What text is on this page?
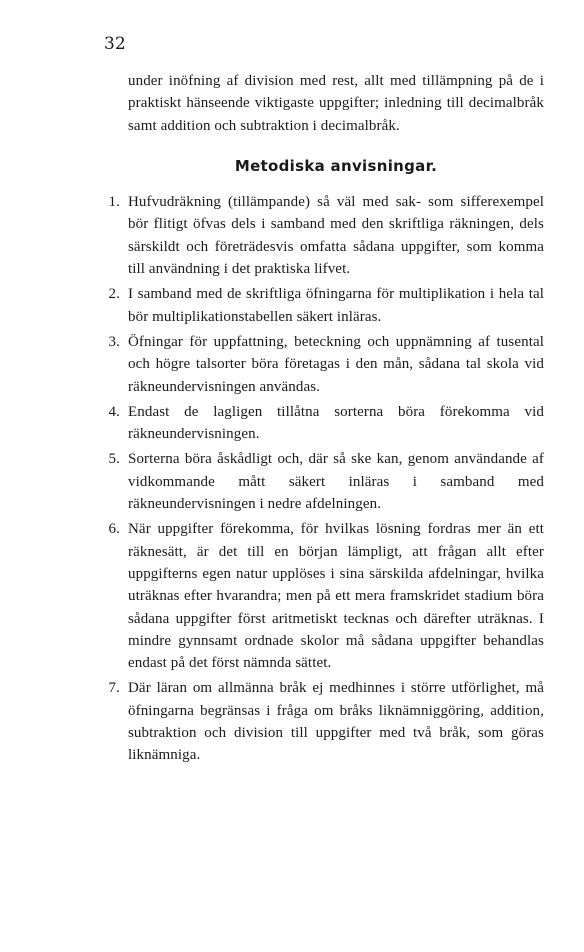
32

under inöfning af division med rest, allt med tillämpning på de i praktiskt hänseende viktigaste uppgifter; inledning till decimalbråk samt addition och subtraktion i decimalbråk.

Metodiska anvisningar.
1. Hufvudräkning (tillämpande) så väl med sak- som sifferexempel bör flitigt öfvas dels i samband med den skriftliga räkningen, dels särskildt och företrädesvis omfatta sådana uppgifter, som komma till användning i det praktiska lifvet.
2. I samband med de skriftliga öfningarna för multiplikation i hela tal bör multiplikationstabellen säkert inläras.
3. Öfningar för uppfattning, beteckning och uppnämning af tusental och högre talsorter böra företagas i den mån, sådana tal skola vid räkneundervisningen användas.
4. Endast de lagligen tillåtna sorterna böra förekomma vid räkneundervisningen.
5. Sorterna böra åskådligt och, där så ske kan, genom användande af vidkommande mått säkert inläras i samband med räkneundervisningen i nedre afdelningen.
6. När uppgifter förekomma, för hvilkas lösning fordras mer än ett räknesätt, är det till en början lämpligt, att frågan allt efter uppgifterns egen natur upplöses i sina särskilda afdelningar, hvilka uträknas efter hvarandra; men på ett mera framskridet stadium böra sådana uppgifter först aritmetiskt tecknas och därefter uträknas. I mindre gynnsamt ordnade skolor må sådana uppgifter behandlas endast på det först nämnda sättet.
7. Där läran om allmänna bråk ej medhinnes i större utförlighet, må öfningarna begränsas i fråga om bråks liknämniggöring, addition, subtraktion och division till uppgifter med två bråk, som göras liknämniga.
